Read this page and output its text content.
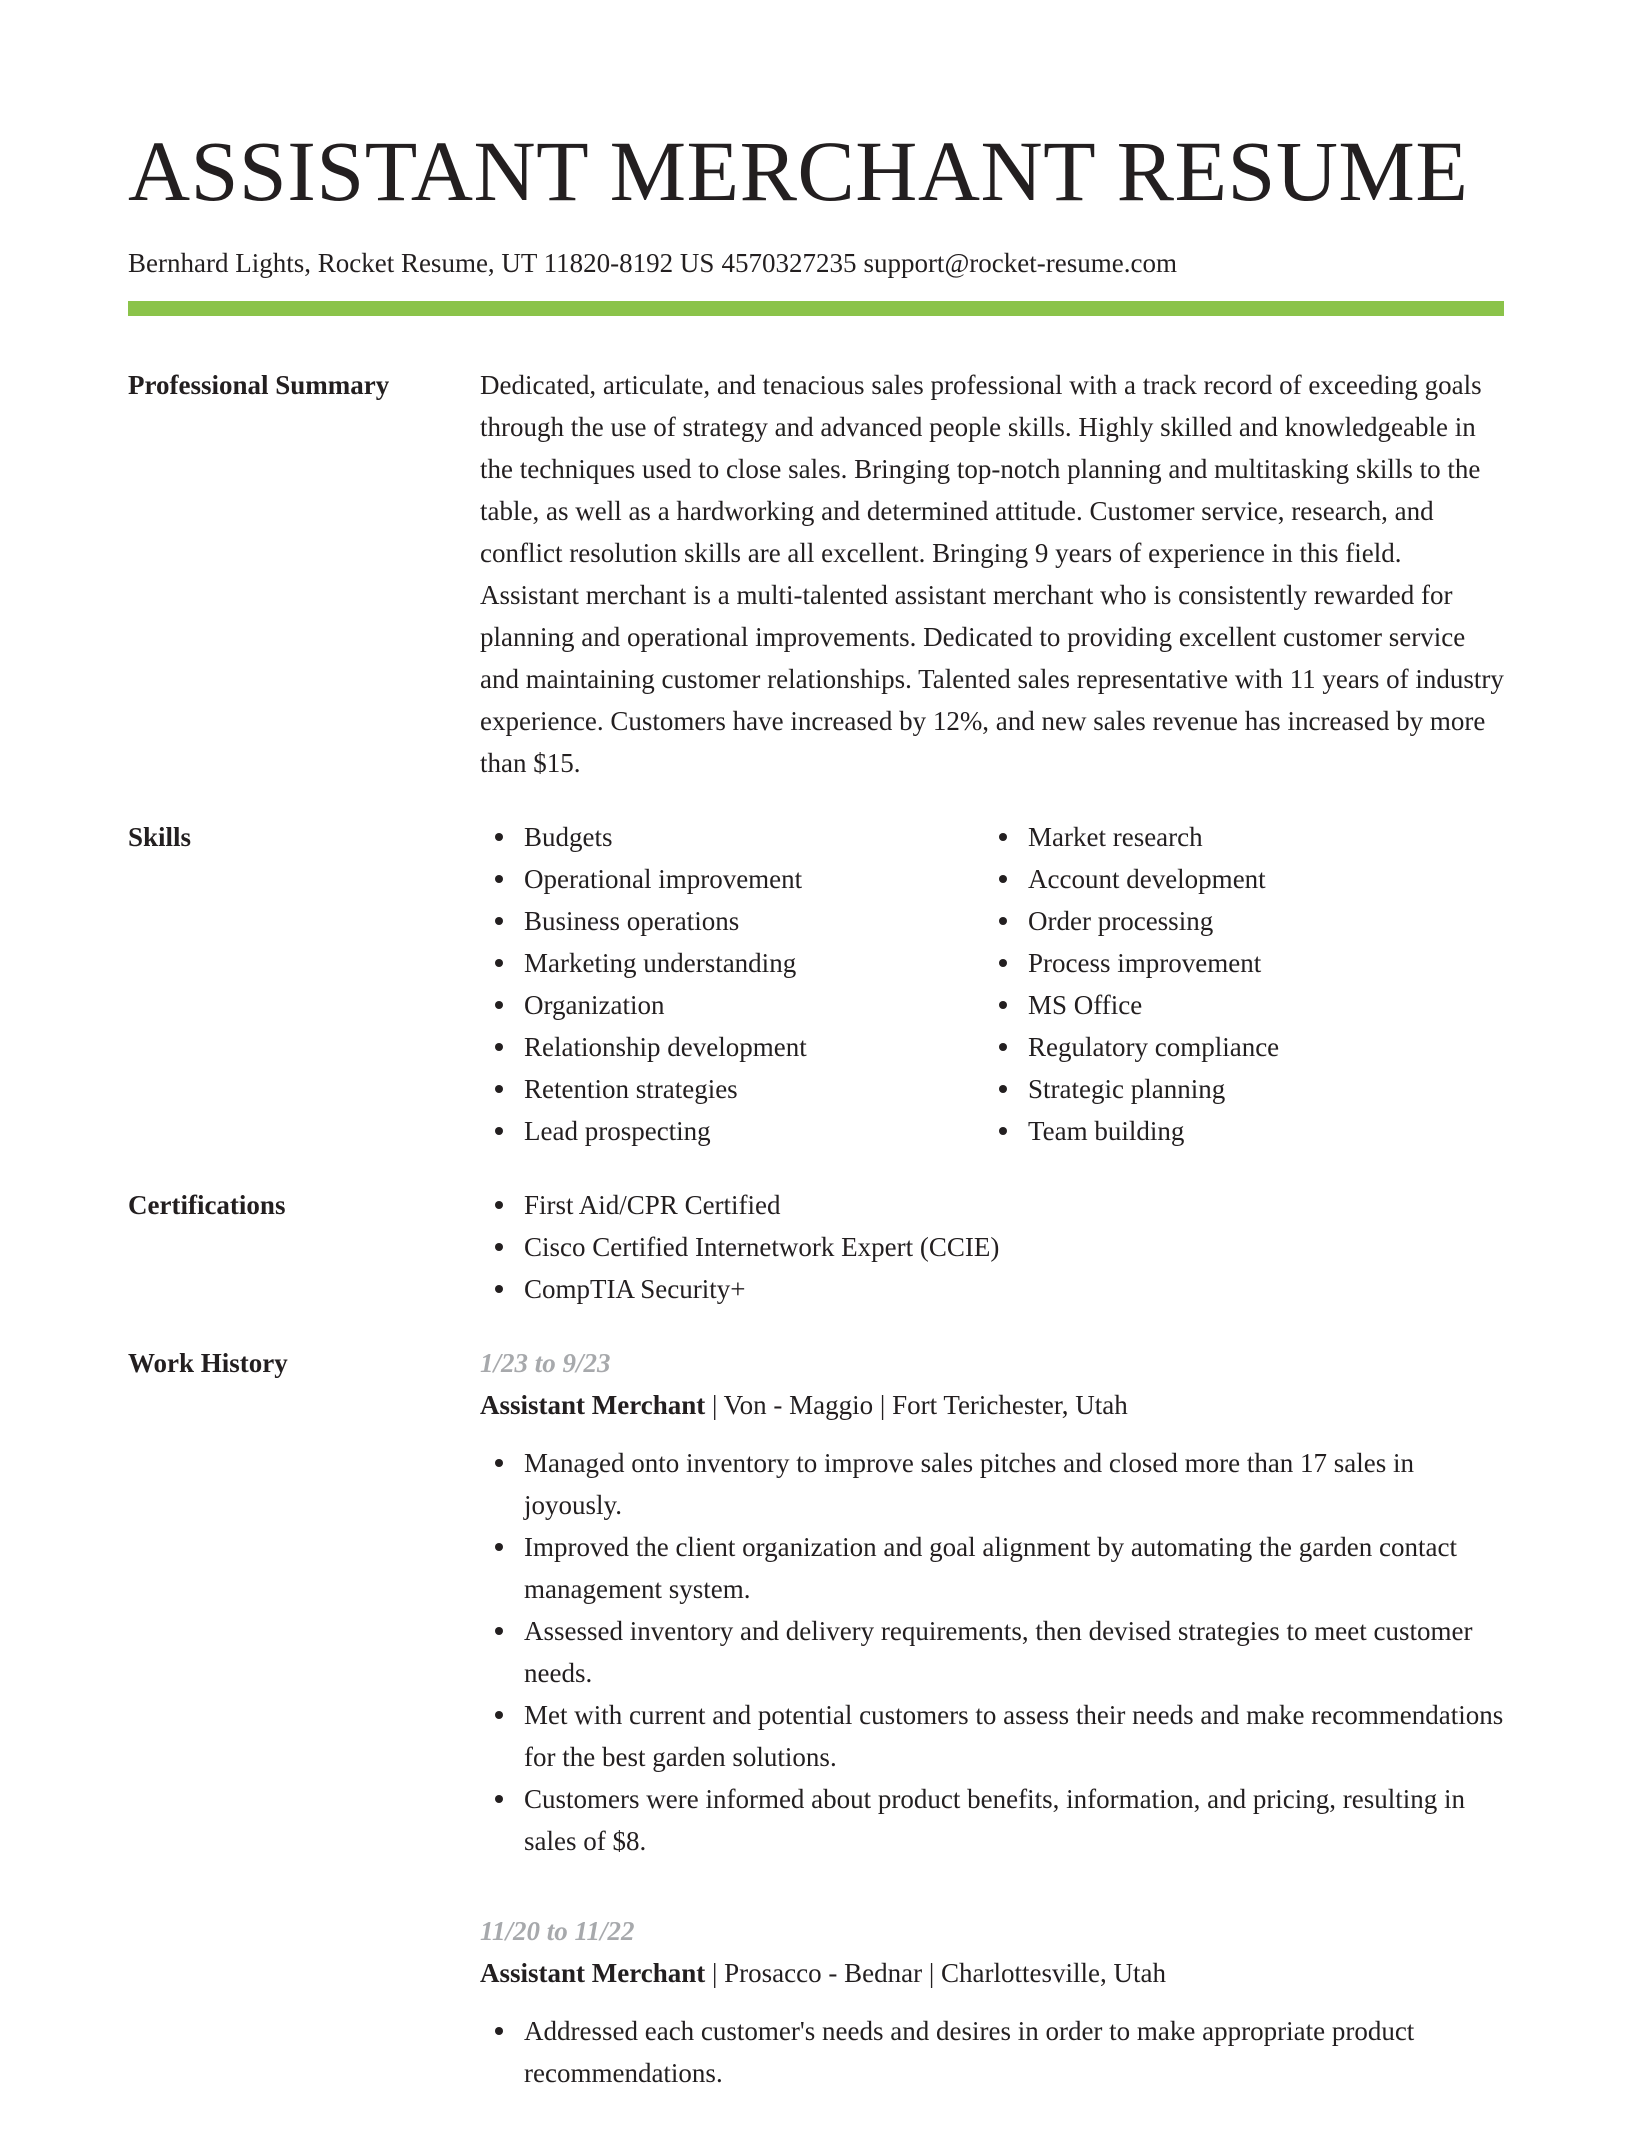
ASSISTANT MERCHANT RESUME
Bernhard Lights, Rocket Resume, UT 11820-8192 US 4570327235 support@rocket-resume.com
Professional Summary	Dedicated, articulate, and tenacious sales professional with a track record of exceeding goals through the use of strategy and advanced people skills. Highly skilled and knowledgeable in the techniques used to close sales. Bringing top-notch planning and multitasking skills to the table, as well as a hardworking and determined attitude. Customer service, research, and conflict resolution skills are all excellent. Bringing 9 years of experience in this field. Assistant merchant is a multi-talented assistant merchant who is consistently rewarded for planning and operational improvements. Dedicated to providing excellent customer service and maintaining customer relationships. Talented sales representative with 11 years of industry experience. Customers have increased by 12%, and new sales revenue has increased by more than $15.

Skills	Budgets
Operational improvement
Business operations
Marketing understanding
Organization
Relationship development
Retention strategies
Lead prospecting
Market research
Account development
Order processing
Process improvement
MS Office
Regulatory compliance
Strategic planning
Team building
Certifications	First Aid/CPR Certified
Cisco Certified Internetwork Expert (CCIE)
CompTIA Security+
Work History	1/23 to 9/23
Assistant Merchant | Von - Maggio | Fort Terichester, Utah
Managed onto inventory to improve sales pitches and closed more than 17 sales in joyously.
Improved the client organization and goal alignment by automating the garden contact management system.
Assessed inventory and delivery requirements, then devised strategies to meet customer needs.
Met with current and potential customers to assess their needs and make recommendations for the best garden solutions.
Customers were informed about product benefits, information, and pricing, resulting in sales of $8.
11/20 to 11/22
Assistant Merchant | Prosacco - Bednar | Charlottesville, Utah
Addressed each customer's needs and desires in order to make appropriate product recommendations.
